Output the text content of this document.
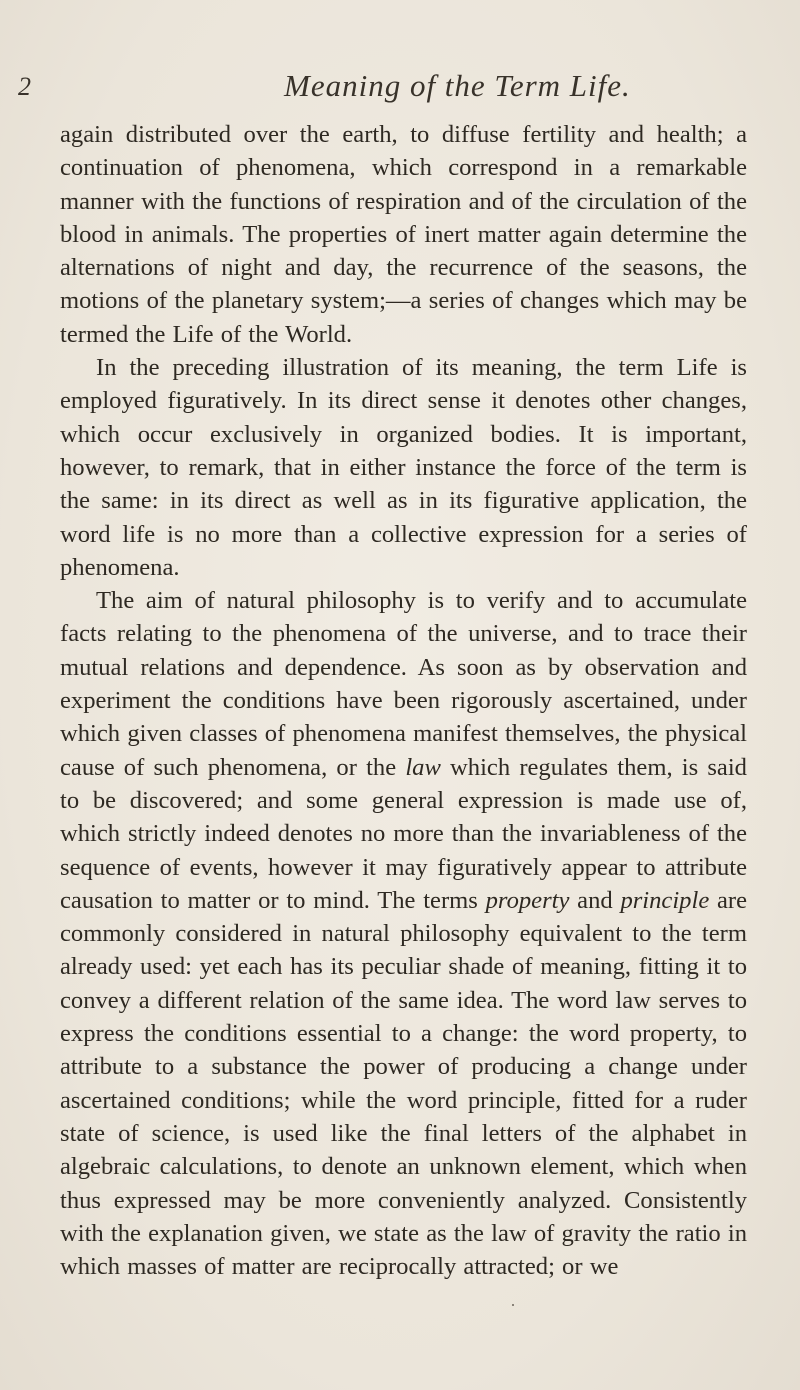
2	Meaning of the Term Life.

again distributed over the earth, to diffuse fertility and health; a continuation of phenomena, which correspond in a remarkable manner with the functions of respiration and of the circulation of the blood in animals. The properties of inert matter again determine the alternations of night and day, the recurrence of the seasons, the motions of the planetary system;—a series of changes which may be termed the Life of the World.

In the preceding illustration of its meaning, the term Life is employed figuratively. In its direct sense it denotes other changes, which occur exclusively in organized bodies. It is important, however, to remark, that in either instance the force of the term is the same: in its direct as well as in its figurative application, the word life is no more than a collective expression for a series of phenomena.

The aim of natural philosophy is to verify and to accumulate facts relating to the phenomena of the universe, and to trace their mutual relations and dependence. As soon as by observation and experiment the conditions have been rigorously ascertained, under which given classes of phenomena manifest themselves, the physical cause of such phenomena, or the law which regulates them, is said to be discovered; and some general expression is made use of, which strictly indeed denotes no more than the invariableness of the sequence of events, however it may figuratively appear to attribute causation to matter or to mind. The terms property and principle are commonly considered in natural philosophy equivalent to the term already used: yet each has its peculiar shade of meaning, fitting it to convey a different relation of the same idea. The word law serves to express the conditions essential to a change: the word property, to attribute to a substance the power of producing a change under ascertained conditions; while the word principle, fitted for a ruder state of science, is used like the final letters of the alphabet in algebraic calculations, to denote an unknown element, which when thus expressed may be more conveniently analyzed. Consistently with the explanation given, we state as the law of gravity the ratio in which masses of matter are reciprocally attracted; or we
